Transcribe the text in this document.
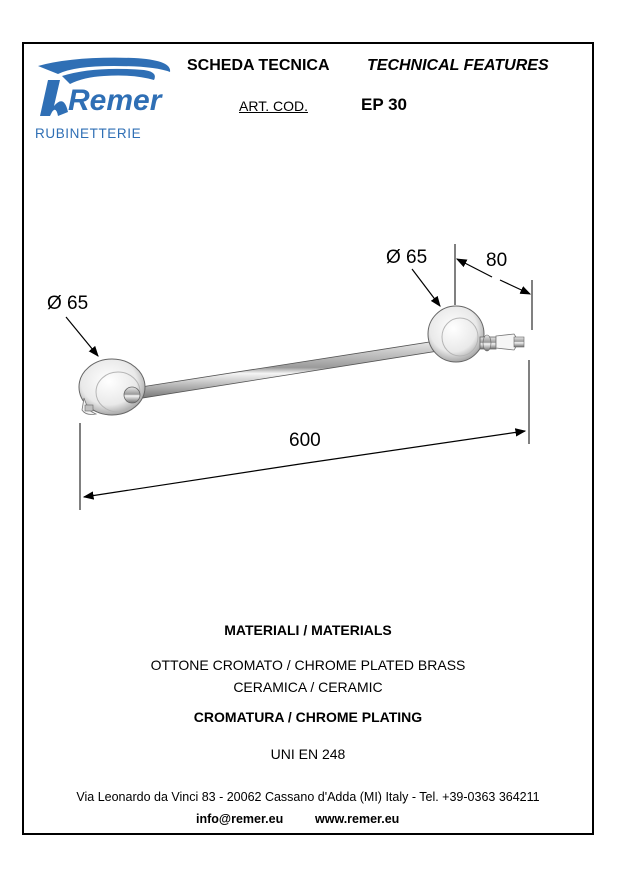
Remer
RUBINETTERIE
SCHEDA TECNICA TECHNICAL FEATURES
ART. COD.	EP 30
Ø 65
Ø 65	80
600
MATERIALI / MATERIALS
OTTONE CROMATO / CHROME PLATED BRASS
CERAMICA / CERAMIC
CROMATURA / CHROME PLATING
UNI EN 248
Via Leonardo da Vinci 83 - 20062 Cassano d'Adda (MI) Italy - Tel. +39-0363 364211
info@remer.eu	www.remer.eu
